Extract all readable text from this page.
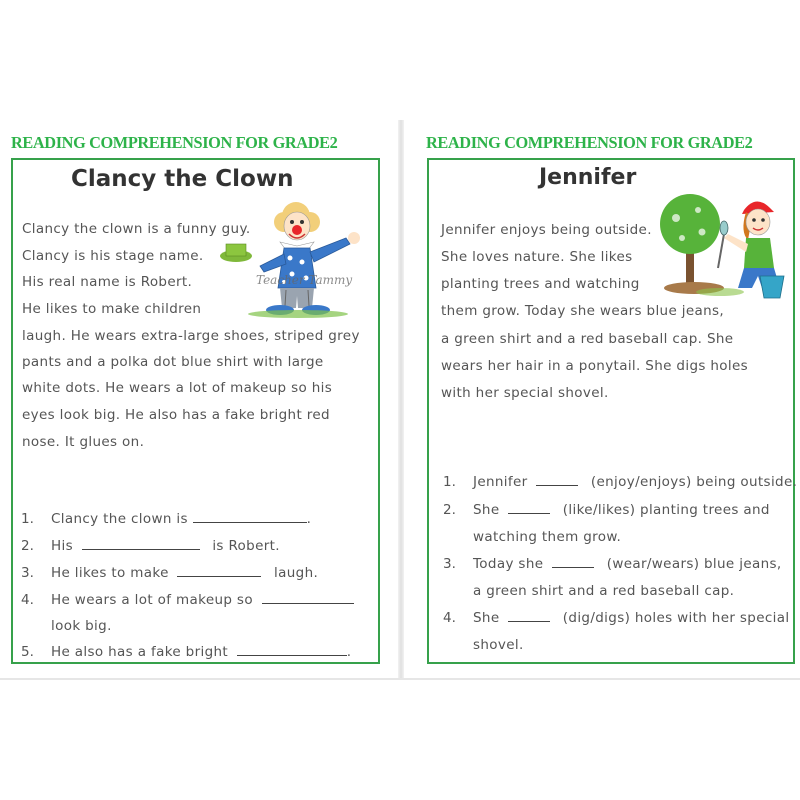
READING COMPREHENSION FOR GRADE2
Clancy the Clown
Teacher Tammy

Clancy the clown is a funny guy.

Clancy is his stage name.

His real name is Robert.

He likes to make children

laugh. He wears extra-large shoes, striped grey

pants and a polka dot blue shirt with large

white dots. He wears a lot of makeup so his

eyes look big. He also has a fake bright red

nose. It glues on.

1. Clancy the clown is	.

2. His	is Robert.

3. He likes to make	laugh.

4. He wears a lot of makeup so

look big.

5. He also has a fake bright	.

READING COMPREHENSION FOR GRADE2
Jennifer

Jennifer enjoys being outside.

She loves nature. She likes

planting trees and watching

them grow. Today she wears blue jeans,

a green shirt and a red baseball cap. She

wears her hair in a ponytail. She digs holes

with her special shovel.

1. Jennifer	(enjoy/enjoys) being outside.

2. She	(like/likes) planting trees and

watching them grow.

3. Today she	(wear/wears) blue jeans,

a green shirt and a red baseball cap.

4. She	(dig/digs) holes with her special

shovel.
